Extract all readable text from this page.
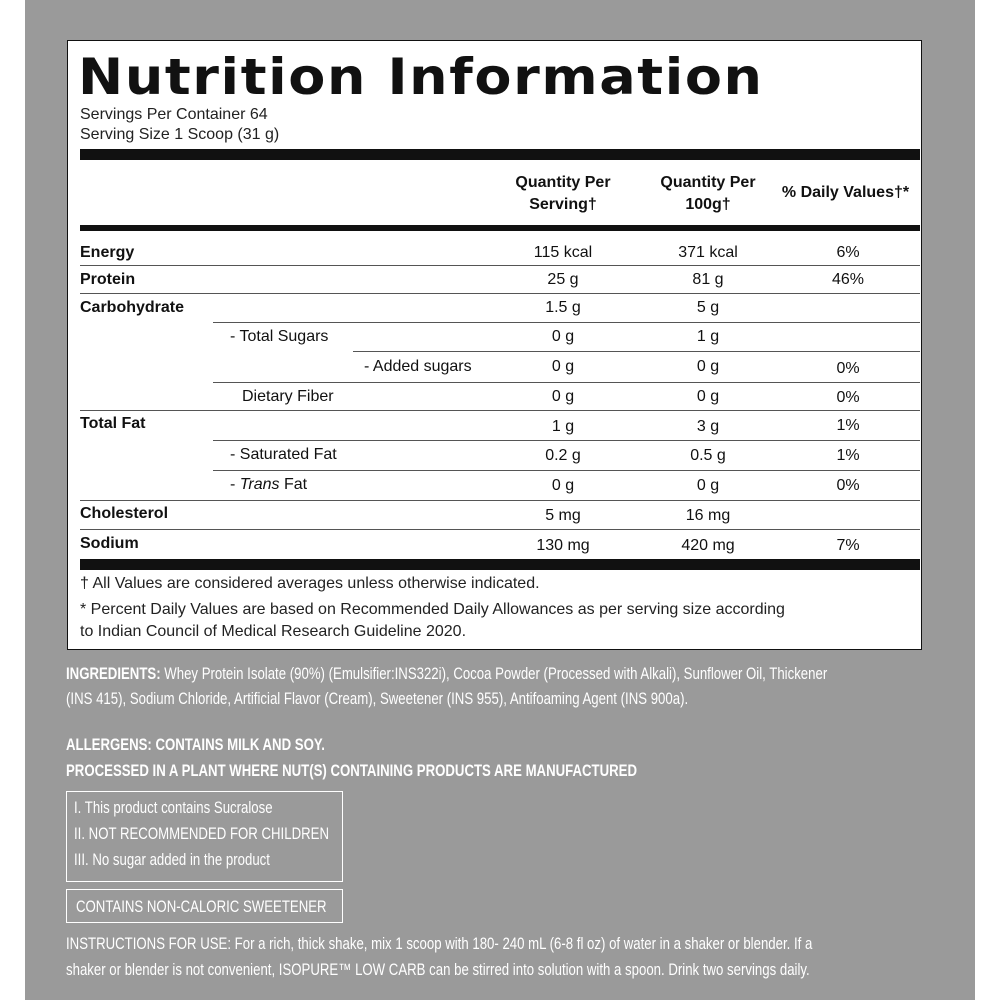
Nutrition Information
Servings Per Container 64
Serving Size 1 Scoop (31 g)
Quantity Per
Serving†
Quantity Per
100g†
% Daily Values†*
Energy	115 kcal	371 kcal	6%
Protein	25 g	81 g	46%
Carbohydrate	1.5 g	5 g
- Total Sugars	0 g	1 g
- Added sugars	0 g	0 g	0%
Dietary Fiber	0 g	0 g	0%
Total Fat	1 g	3 g	1%
- Saturated Fat	0.2 g	0.5 g	1%
- Trans Fat	0 g	0 g	0%
Cholesterol	5 mg	16 mg
Sodium	130 mg	420 mg	7%
† All Values are considered averages unless otherwise indicated.
* Percent Daily Values are based on Recommended Daily Allowances as per serving size according
to Indian Council of Medical Research Guideline 2020.
INGREDIENTS: Whey Protein Isolate (90%) (Emulsifier:INS322i), Cocoa Powder (Processed with Alkali), Sunflower Oil, Thickener
(INS 415), Sodium Chloride, Artificial Flavor (Cream), Sweetener (INS 955), Antifoaming Agent (INS 900a).
ALLERGENS: CONTAINS MILK AND SOY.
PROCESSED IN A PLANT WHERE NUT(S) CONTAINING PRODUCTS ARE MANUFACTURED
I. This product contains Sucralose
II. NOT RECOMMENDED FOR CHILDREN
III. No sugar added in the product
CONTAINS NON-CALORIC SWEETENER
INSTRUCTIONS FOR USE: For a rich, thick shake, mix 1 scoop with 180- 240 mL (6-8 fl oz) of water in a shaker or blender. If a
shaker or blender is not convenient, ISOPURE™ LOW CARB can be stirred into solution with a spoon. Drink two servings daily.
